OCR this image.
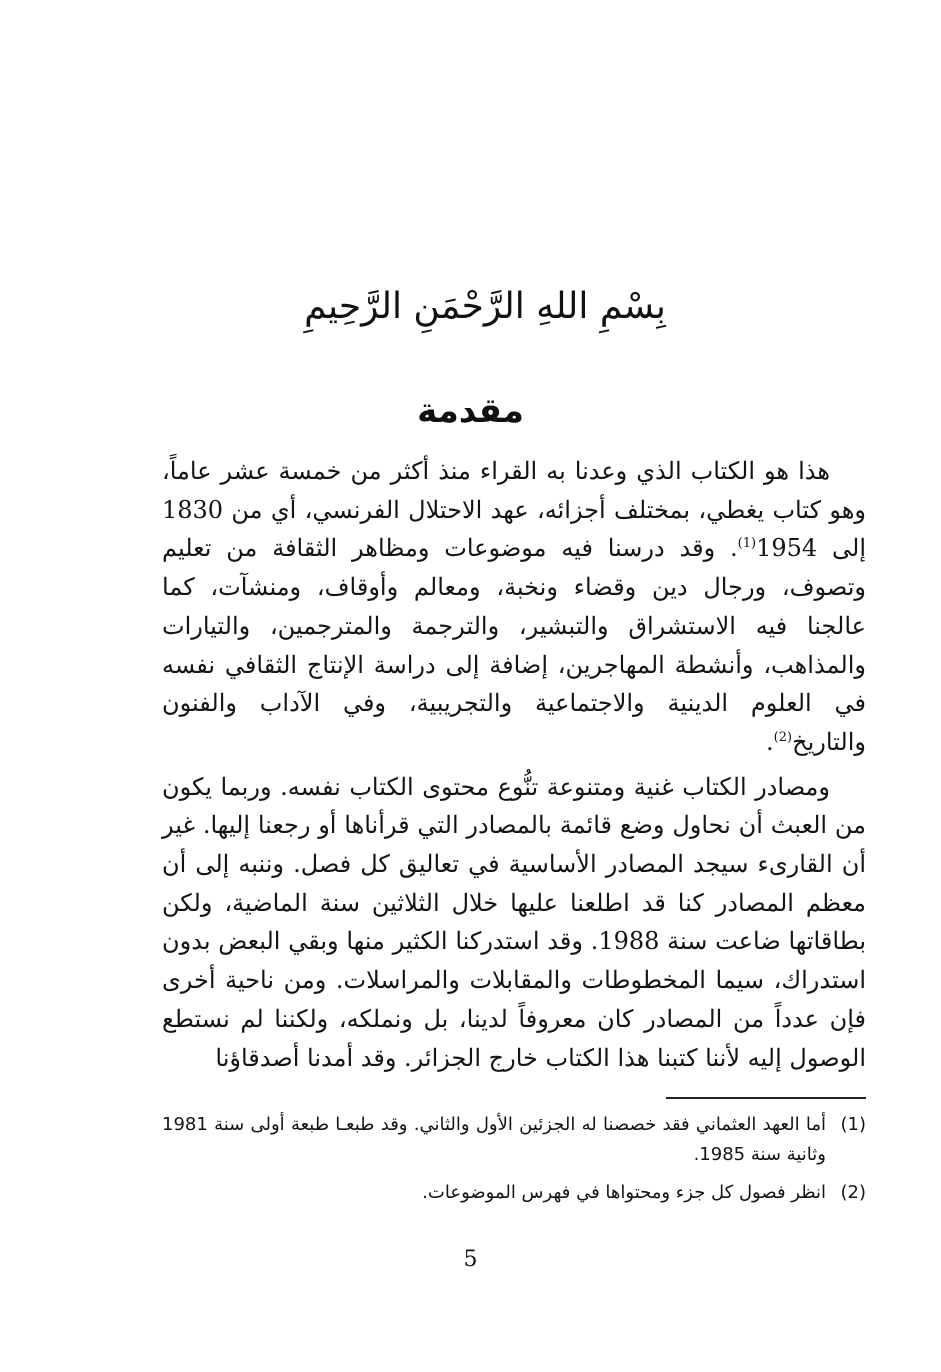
بِسْمِ اللهِ الرَّحْمَنِ الرَّحِيمِ
مقدمة

هذا هو الكتاب الذي وعدنا به القراء منذ أكثر من خمسة عشر عاماً، وهو كتاب يغطي، بمختلف أجزائه، عهد الاحتلال الفرنسي، أي من 1830 إلى 1954$^{(1)}$. وقد درسنا فيه موضوعات ومظاهر الثقافة من تعليم وتصوف، ورجال دين وقضاء ونخبة، ومعالم وأوقاف، ومنشآت، كما عالجنا فيه الاستشراق والتبشير، والترجمة والمترجمين، والتيارات والمذاهب، وأنشطة المهاجرين، إضافة إلى دراسة الإنتاج الثقافي نفسه في العلوم الدينية والاجتماعية والتجريبية، وفي الآداب والفنون والتاريخ$^{(2)}$.

ومصادر الكتاب غنية ومتنوعة تنُّوع محتوى الكتاب نفسه. وربما يكون من العبث أن نحاول وضع قائمة بالمصادر التي قرأناها أو رجعنا إليها. غير أن القارىء سيجد المصادر الأساسية في تعاليق كل فصل. وننبه إلى أن معظم المصادر كنا قد اطلعنا عليها خلال الثلاثين سنة الماضية، ولكن بطاقاتها ضاعت سنة 1988. وقد استدركنا الكثير منها وبقي البعض بدون استدراك، سيما المخطوطات والمقابلات والمراسلات. ومن ناحية أخرى فإن عدداً من المصادر كان معروفاً لدينا، بل ونملكه، ولكننا لم نستطع الوصول إليه لأننا كتبنا هذا الكتاب خارج الجزائر. وقد أمدنا أصدقاؤنا

(1)
أما العهد العثماني فقد خصصنا له الجزئين الأول والثاني. وقد طبعـا طبعة أولى سنة 1981 وثانية سنة 1985.
(2)
انظر فصول كل جزء ومحتواها في فهرس الموضوعات.
5
